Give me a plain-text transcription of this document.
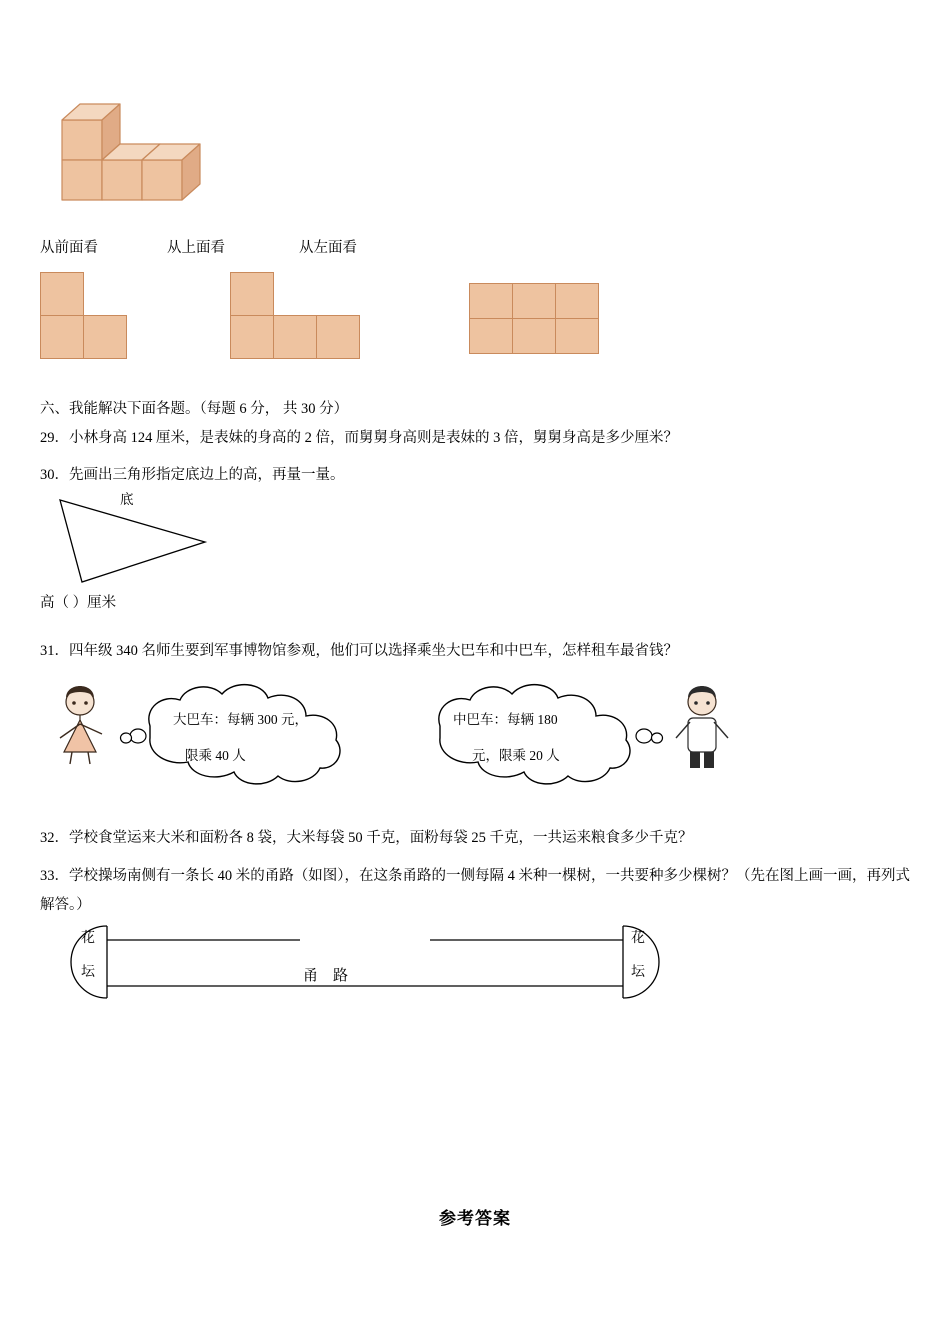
从前面看	从上面看	从左面看
六、我能解决下面各题。（每题 6 分， 共 30 分）
29．小林身高 124 厘米，是表妹的身高的 2 倍，而舅舅身高则是表妹的 3 倍，舅舅身高是多少厘米？
30．先画出三角形指定底边上的高，再量一量。
底
高（ ）厘米
31．四年级 340 名师生要到军事博物馆参观，他们可以选择乘坐大巴车和中巴车，怎样租车最省钱？
大巴车：每辆 300 元，
限乘 40 人
中巴车：每辆 180
元，限乘 20 人
32．学校食堂运来大米和面粉各 8 袋，大米每袋 50 千克，面粉每袋 25 千克，一共运来粮食多少千克？
33．学校操场南侧有一条长 40 米的甬路（如图），在这条甬路的一侧每隔 4 米种一棵树，一共要种多少棵树？（先在图上画一画，再列式解答。）
花
坛
花
坛
甬　路
参考答案
